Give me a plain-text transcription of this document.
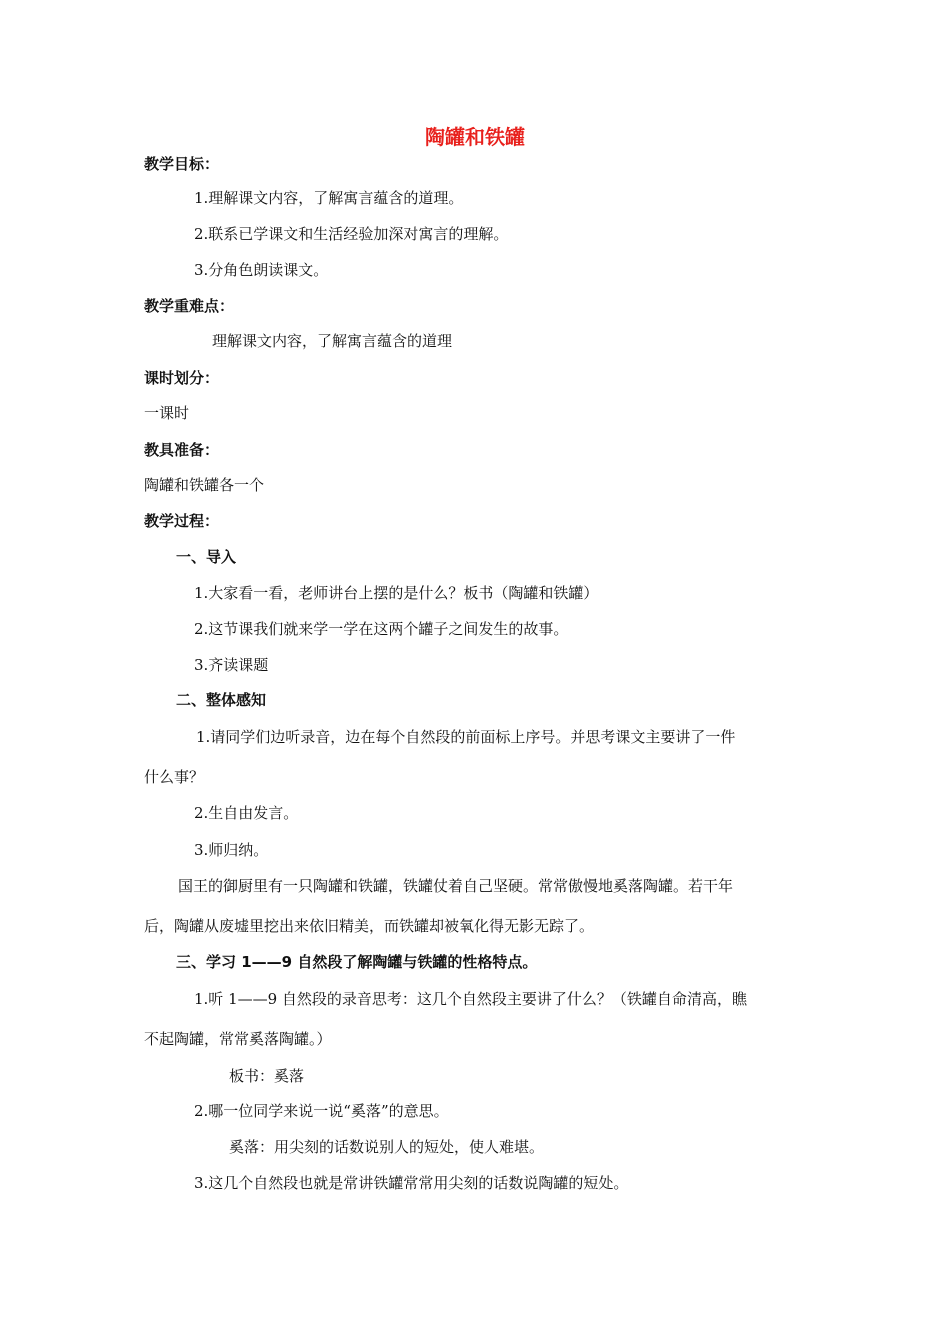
陶罐和铁罐
教学目标：
1.理解课文内容，了解寓言蕴含的道理。
2.联系已学课文和生活经验加深对寓言的理解。
3.分角色朗读课文。
教学重难点：
理解课文内容，了解寓言蕴含的道理
课时划分：
一课时
教具准备：
陶罐和铁罐各一个
教学过程：
一、导入
1.大家看一看，老师讲台上摆的是什么？板书（陶罐和铁罐）
2.这节课我们就来学一学在这两个罐子之间发生的故事。
3.齐读课题
二、整体感知
1.请同学们边听录音，边在每个自然段的前面标上序号。并思考课文主要讲了一件
什么事？
2.生自由发言。
3.师归纳。
国王的御厨里有一只陶罐和铁罐，铁罐仗着自己坚硬。常常傲慢地奚落陶罐。若干年
后，陶罐从废墟里挖出来依旧精美，而铁罐却被氧化得无影无踪了。
三、学习 1——9 自然段了解陶罐与铁罐的性格特点。
1.听 1——9 自然段的录音思考：这几个自然段主要讲了什么？（铁罐自命清高，瞧
不起陶罐，常常奚落陶罐。）
板书：奚落
2.哪一位同学来说一说“奚落”的意思。
奚落：用尖刻的话数说别人的短处，使人难堪。
3.这几个自然段也就是常讲铁罐常常用尖刻的话数说陶罐的短处。
